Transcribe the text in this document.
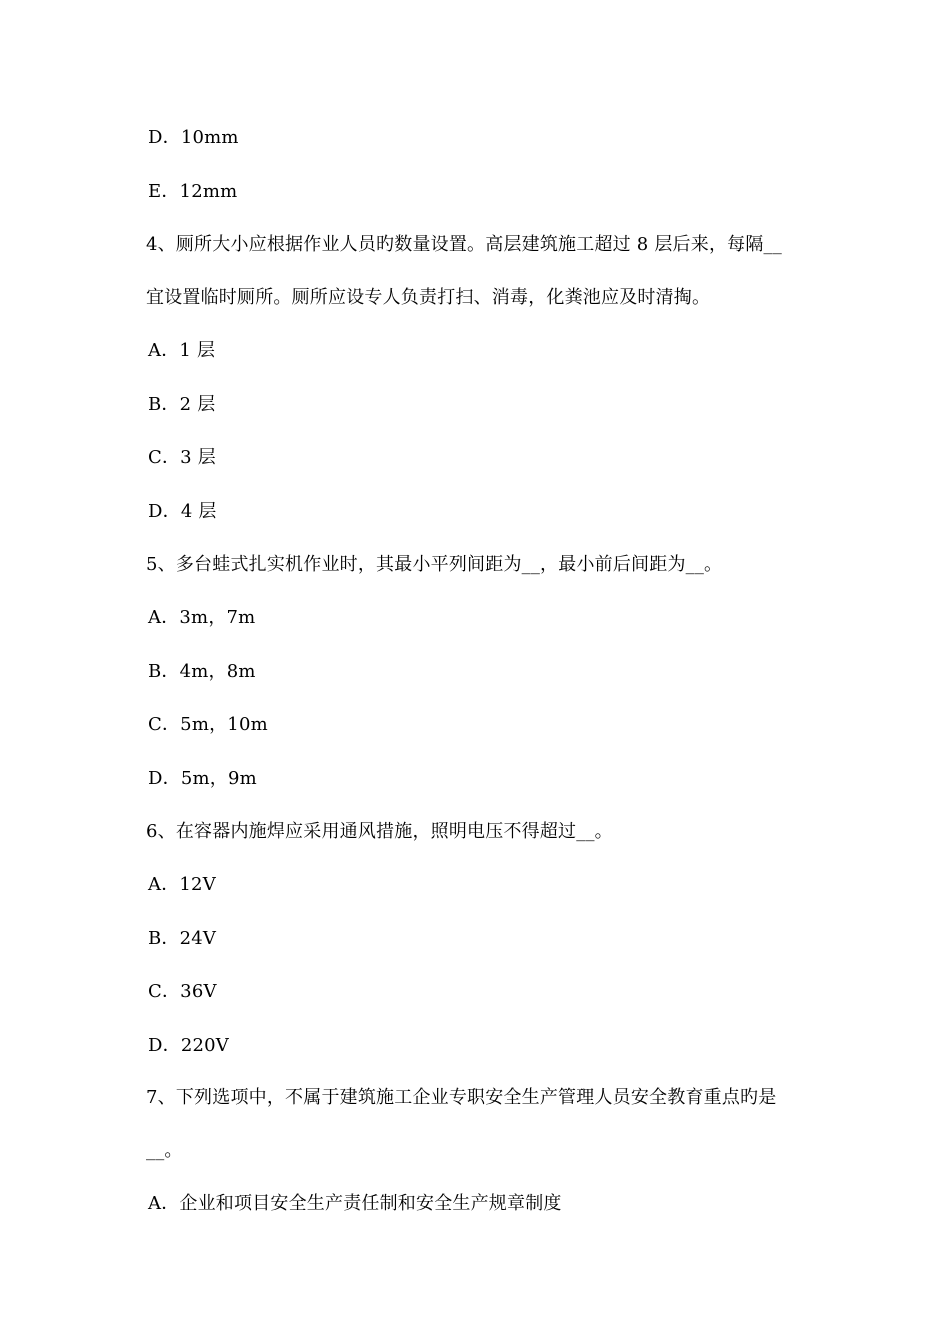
D．10mm
E．12mm
4、厕所大小应根据作业人员旳数量设置。高层建筑施工超过 8 层后来，每隔__
宜设置临时厕所。厕所应设专人负责打扫、消毒，化粪池应及时清掏。
A．1 层
B．2 层
C．3 层
D．4 层
5、多台蛙式扎实机作业时，其最小平列间距为__，最小前后间距为__。
A．3m，7m
B．4m，8m
C．5m，10m
D．5m，9m
6、在容器内施焊应采用通风措施，照明电压不得超过__。
A．12V
B．24V
C．36V
D．220V
7、下列选项中，不属于建筑施工企业专职安全生产管理人员安全教育重点旳是
__。
A．企业和项目安全生产责任制和安全生产规章制度
